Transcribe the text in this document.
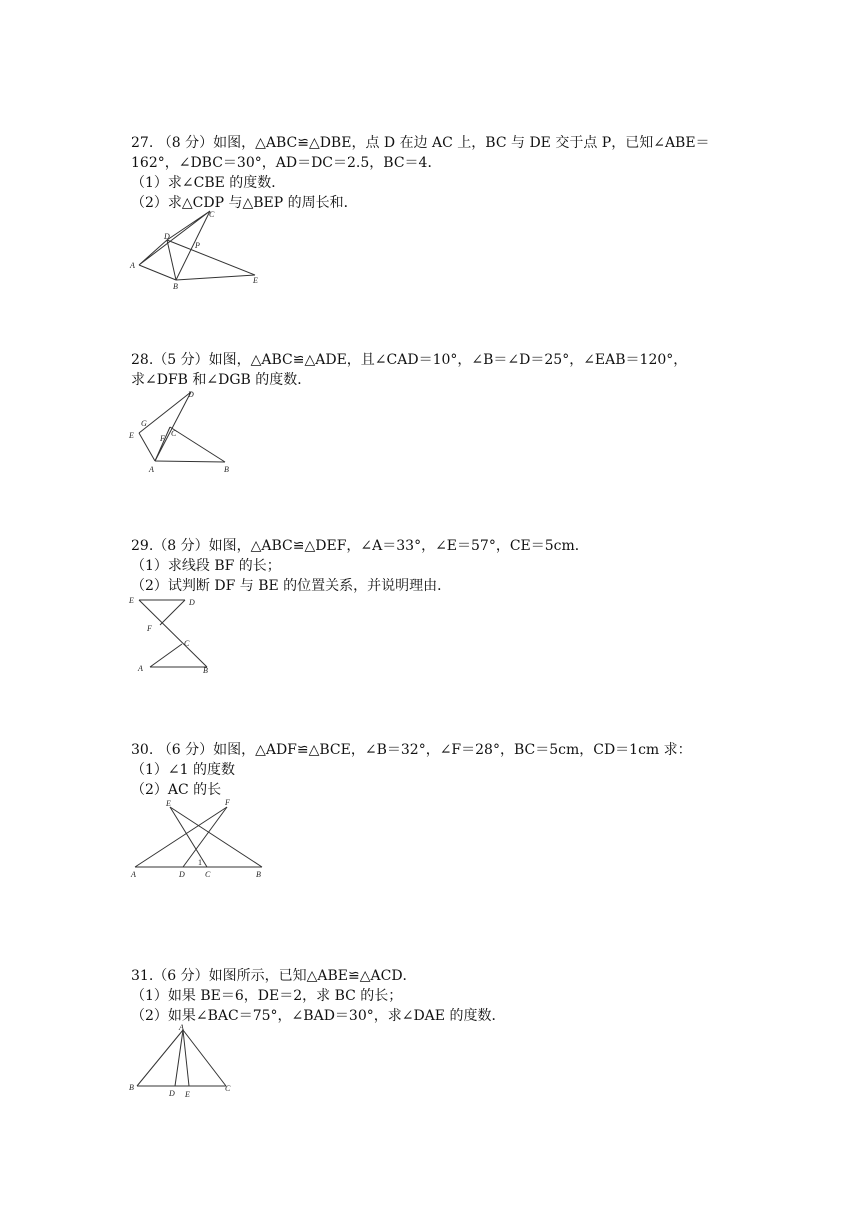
27. （8 分）如图，△ABC≌△DBE，点 D 在边 AC 上，BC 与 DE 交于点 P，已知∠ABE＝
162°，∠DBC＝30°，AD＝DC＝2.5，BC＝4．
（1）求∠CBE 的度数．
（2）求△CDP 与△BEP 的周长和．
A
B
C
D
E
P
28.（5 分）如图，△ABC≌△ADE，且∠CAD＝10°，∠B＝∠D＝25°，∠EAB＝120°，
求∠DFB 和∠DGB 的度数．
E
G
D
C
F
A	B
29.（8 分）如图，△ABC≌△DEF，∠A＝33°，∠E＝57°，CE＝5cm．
（1）求线段 BF 的长；
（2）试判断 DF 与 BE 的位置关系，并说明理由．
E	D
F
C
A	B
30. （6 分）如图，△ADF≌△BCE，∠B＝32°，∠F＝28°，BC＝5cm，CD＝1cm 求：
（1）∠1 的度数
（2）AC 的长
A	D	C	B
E	F
1
31.（6 分）如图所示，已知△ABE≌△ACD．
（1）如果 BE＝6，DE＝2，求 BC 的长；
（2）如果∠BAC＝75°，∠BAD＝30°，求∠DAE 的度数．
A
B
D E
C
